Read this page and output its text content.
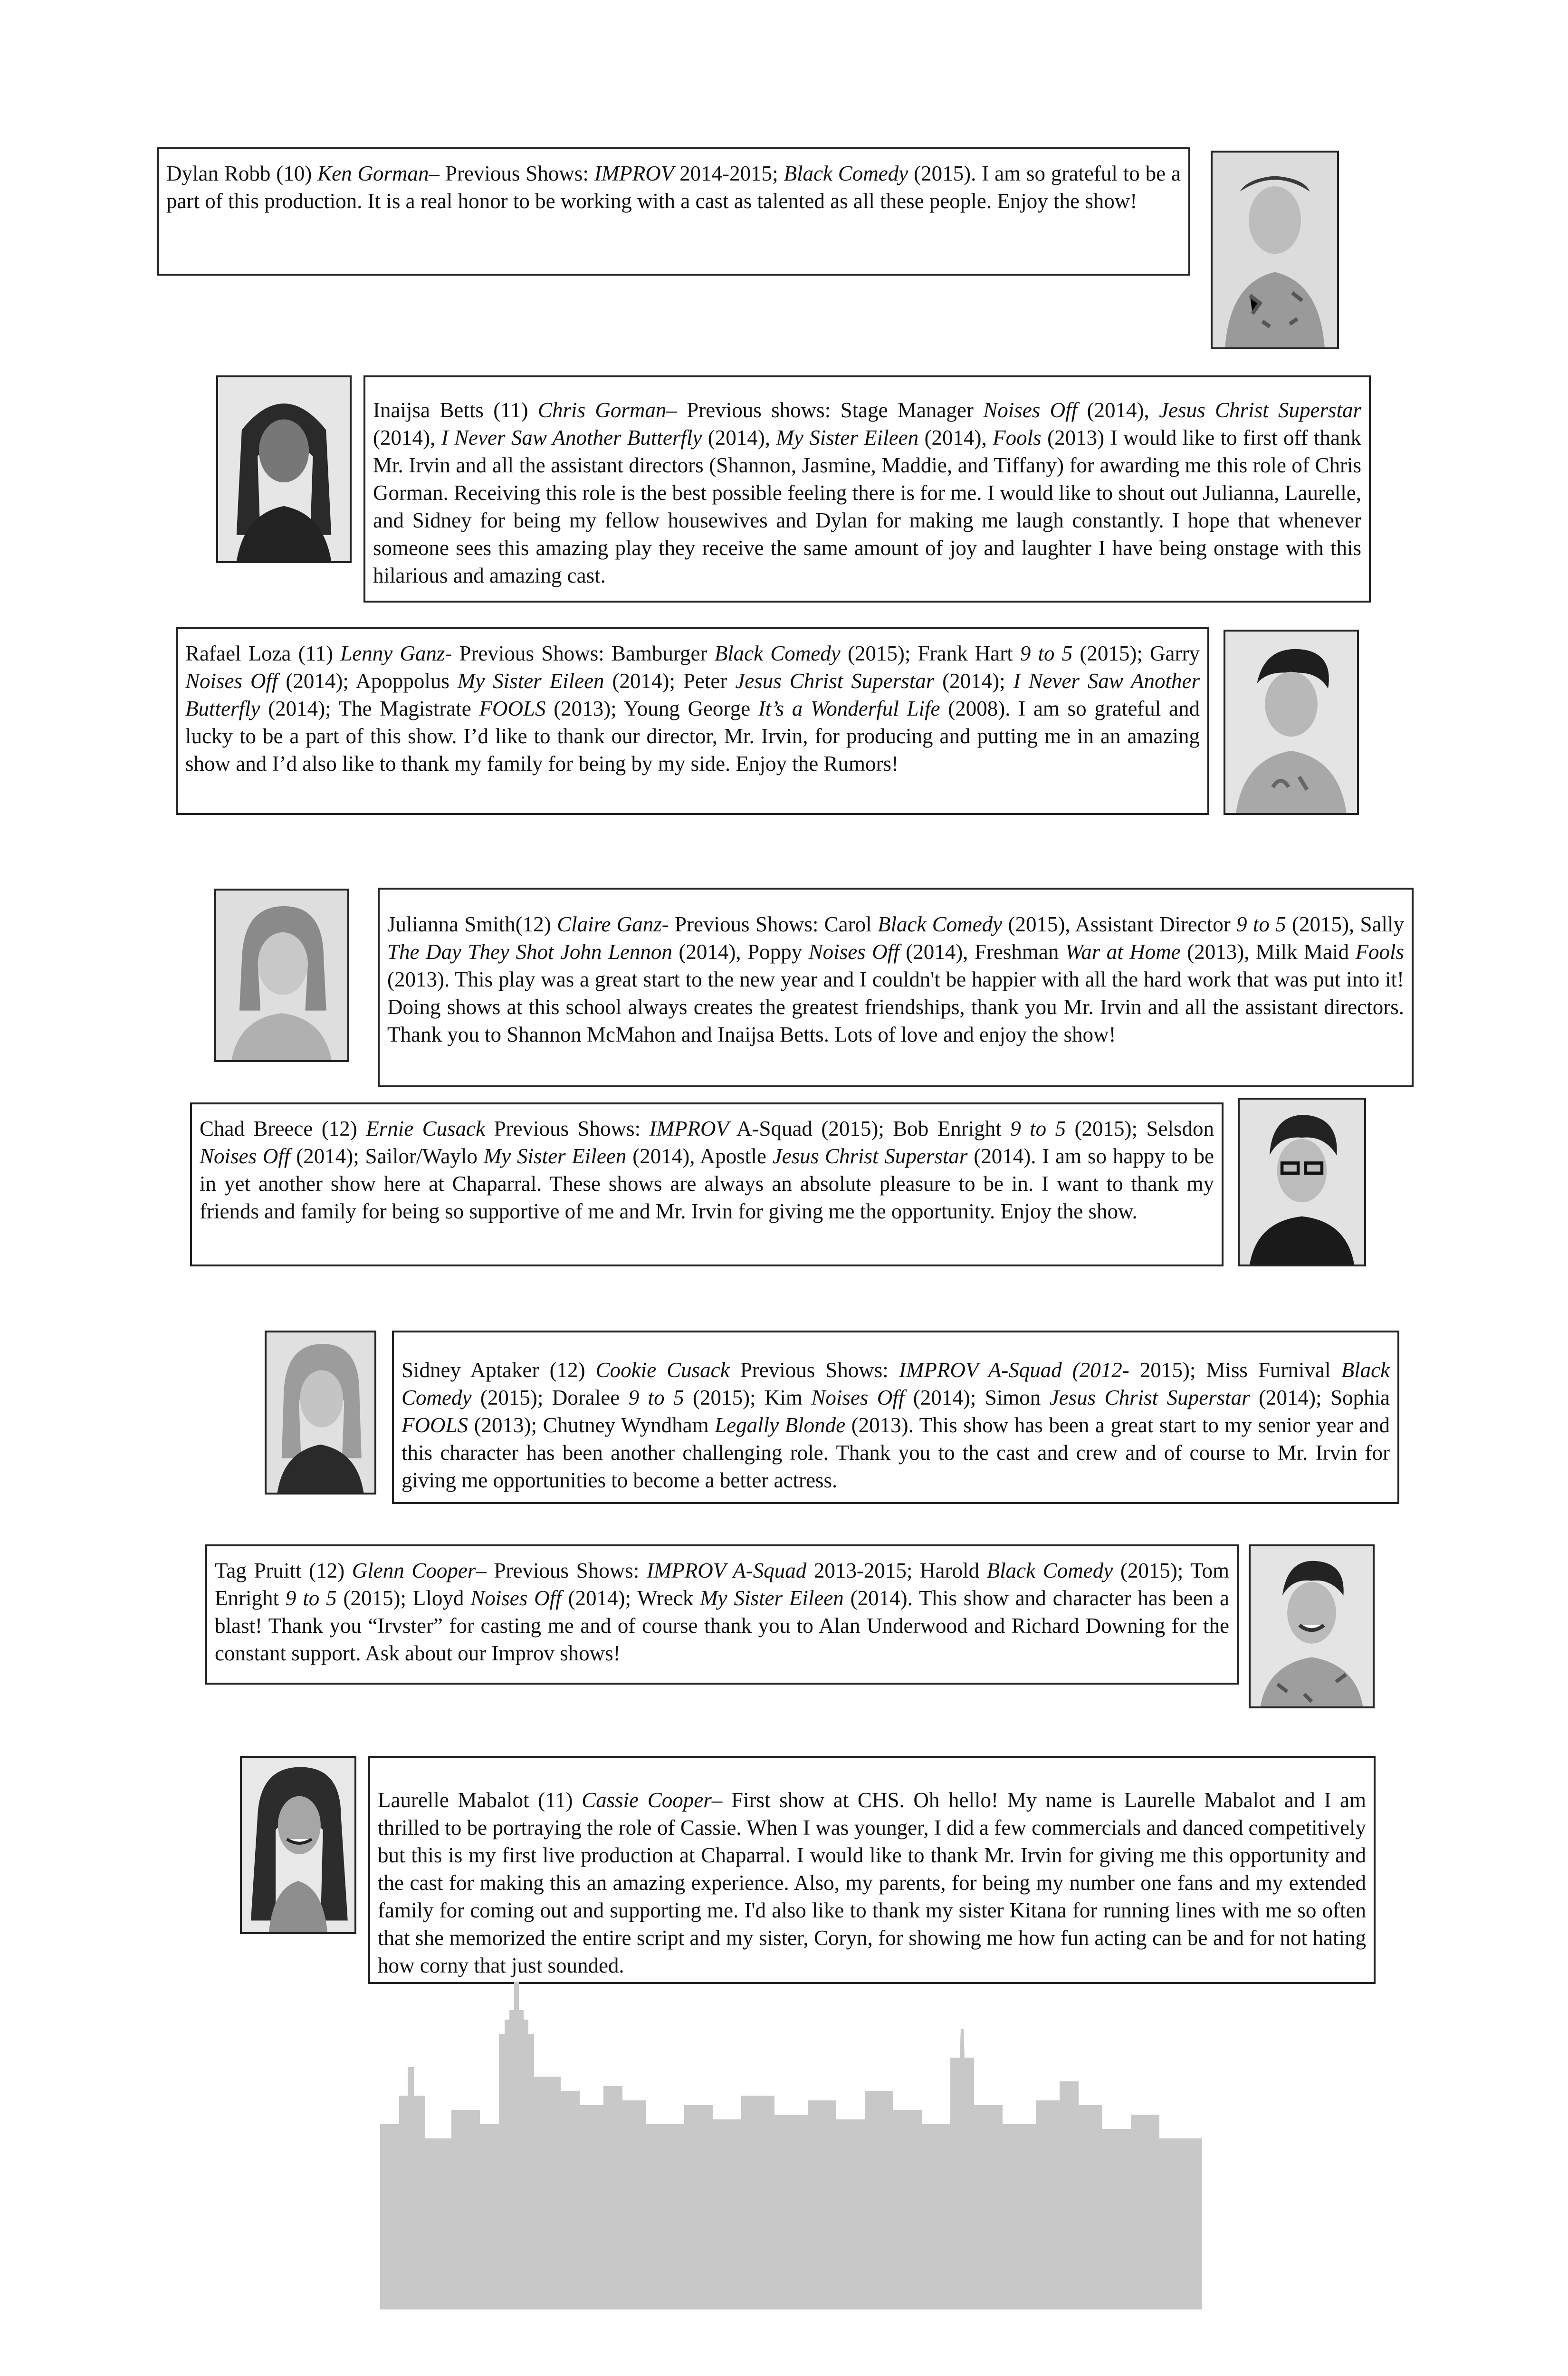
Dylan Robb (10) Ken Gorman– Previous Shows: IMPROV 2014-2015; Black Comedy (2015). I am so grateful to be a part of this production. It is a real honor to be working with a cast as talented as all these people. Enjoy the show!
Inaijsa Betts (11) Chris Gorman– Previous shows: Stage Manager Noises Off (2014), Jesus Christ Superstar (2014), I Never Saw Another Butterfly (2014), My Sister Eileen (2014), Fools (2013) I would like to first off thank Mr. Irvin and all the assistant directors (Shannon, Jasmine, Maddie, and Tiffany) for awarding me this role of Chris Gorman. Receiving this role is the best possible feeling there is for me. I would like to shout out Julianna, Laurelle, and Sidney for being my fellow housewives and Dylan for making me laugh constantly. I hope that whenever someone sees this amazing play they receive the same amount of joy and laughter I have being onstage with this hilarious and amazing cast.
Rafael Loza (11) Lenny Ganz- Previous Shows: Bamburger Black Comedy (2015); Frank Hart 9 to 5 (2015); Garry Noises Off (2014); Apoppolus My Sister Eileen (2014); Peter Jesus Christ Superstar (2014); I Never Saw Another Butterfly (2014); The Magistrate FOOLS (2013); Young George It’s a Wonderful Life (2008). I am so grateful and lucky to be a part of this show. I’d like to thank our director, Mr. Irvin, for producing and putting me in an amazing show and I’d also like to thank my family for being by my side. Enjoy the Rumors!
Julianna Smith(12) Claire Ganz- Previous Shows: Carol Black Comedy (2015), Assistant Director 9 to 5 (2015), Sally The Day They Shot John Lennon (2014), Poppy Noises Off (2014), Freshman War at Home (2013), Milk Maid Fools (2013). This play was a great start to the new year and I couldn't be happier with all the hard work that was put into it! Doing shows at this school always creates the greatest friendships, thank you Mr. Irvin and all the assistant directors. Thank you to Shannon McMahon and Inaijsa Betts. Lots of love and enjoy the show!
Chad Breece (12) Ernie Cusack Previous Shows: IMPROV A-Squad (2015); Bob Enright 9 to 5 (2015); Selsdon Noises Off (2014); Sailor/Waylo My Sister Eileen (2014), Apostle Jesus Christ Superstar (2014). I am so happy to be in yet another show here at Chaparral. These shows are always an absolute pleasure to be in. I want to thank my friends and family for being so supportive of me and Mr. Irvin for giving me the opportunity. Enjoy the show.
Sidney Aptaker (12) Cookie Cusack Previous Shows: IMPROV A-Squad (2012- 2015); Miss Furnival Black Comedy (2015); Doralee 9 to 5 (2015); Kim Noises Off (2014); Simon Jesus Christ Superstar (2014); Sophia FOOLS (2013); Chutney Wyndham Legally Blonde (2013). This show has been a great start to my senior year and this character has been another challenging role. Thank you to the cast and crew and of course to Mr. Irvin for giving me opportunities to become a better actress.
Tag Pruitt (12) Glenn Cooper– Previous Shows: IMPROV A-Squad 2013-2015; Harold Black Comedy (2015); Tom Enright 9 to 5 (2015); Lloyd Noises Off (2014); Wreck My Sister Eileen (2014). This show and character has been a blast! Thank you “Irvster” for casting me and of course thank you to Alan Underwood and Richard Downing for the constant support. Ask about our Improv shows!
Laurelle Mabalot (11) Cassie Cooper– First show at CHS. Oh hello! My name is Laurelle Mabalot and I am thrilled to be portraying the role of Cassie. When I was younger, I did a few commercials and danced competitively but this is my first live production at Chaparral. I would like to thank Mr. Irvin for giving me this opportunity and the cast for making this an amazing experience. Also, my parents, for being my number one fans and my extended family for coming out and supporting me. I'd also like to thank my sister Kitana for running lines with me so often that she memorized the entire script and my sister, Coryn, for showing me how fun acting can be and for not hating how corny that just sounded.
